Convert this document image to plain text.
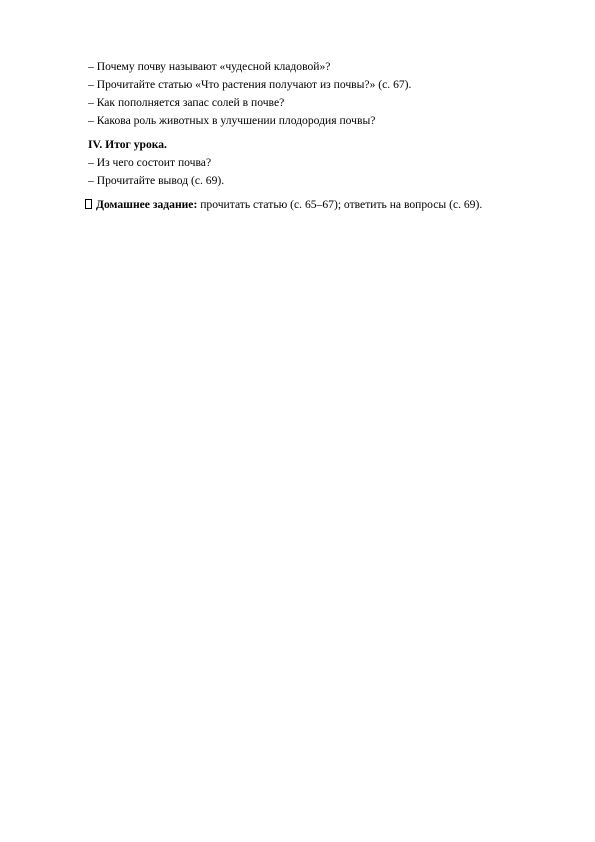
– Почему почву называют «чудесной кладовой»?

– Прочитайте статью «Что растения получают из почвы?» (с. 67).

– Как пополняется запас солей в почве?

– Какова роль животных в улучшении плодородия почвы?

IV. Итог урока.

– Из чего состоит почва?

– Прочитайте вывод (с. 69).

Домашнее задание: прочитать статью (с. 65–67); ответить на вопросы (с. 69).
